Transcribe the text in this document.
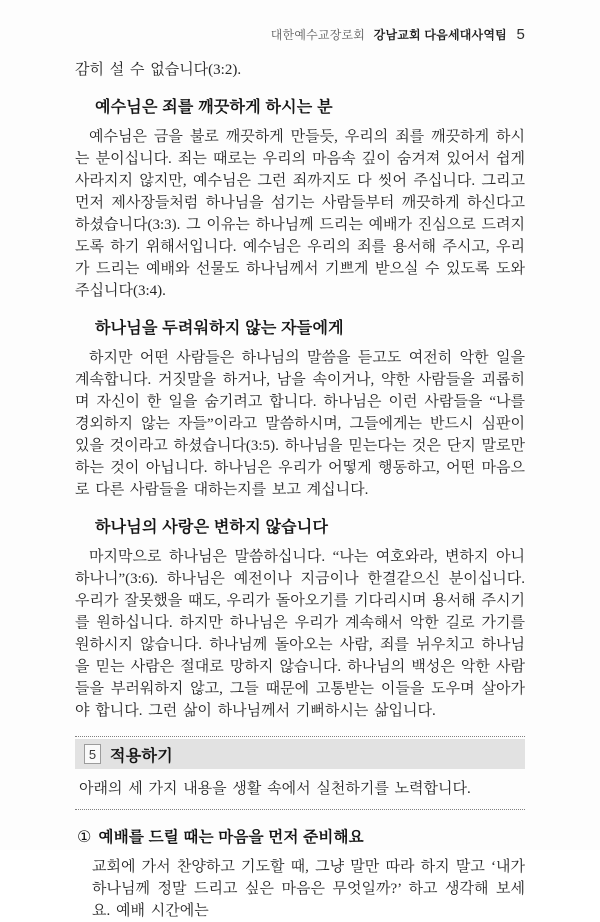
대한예수교장로회 강남교회 다음세대사역팀 5

감히 설 수 없습니다(3:2).

예수님은 죄를 깨끗하게 하시는 분

예수님은 금을 불로 깨끗하게 만들듯, 우리의 죄를 깨끗하게 하시는 분이십니다. 죄는 때로는 우리의 마음속 깊이 숨겨져 있어서 쉽게 사라지지 않지만, 예수님은 그런 죄까지도 다 씻어 주십니다. 그리고 먼저 제사장들처럼 하나님을 섬기는 사람들부터 깨끗하게 하신다고 하셨습니다(3:3). 그 이유는 하나님께 드리는 예배가 진심으로 드려지도록 하기 위해서입니다. 예수님은 우리의 죄를 용서해 주시고, 우리가 드리는 예배와 선물도 하나님께서 기쁘게 받으실 수 있도록 도와주십니다(3:4).

하나님을 두려워하지 않는 자들에게

하지만 어떤 사람들은 하나님의 말씀을 듣고도 여전히 악한 일을 계속합니다. 거짓말을 하거나, 남을 속이거나, 약한 사람들을 괴롭히며 자신이 한 일을 숨기려고 합니다. 하나님은 이런 사람들을 “나를 경외하지 않는 자들”이라고 말씀하시며, 그들에게는 반드시 심판이 있을 것이라고 하셨습니다(3:5). 하나님을 믿는다는 것은 단지 말로만 하는 것이 아닙니다. 하나님은 우리가 어떻게 행동하고, 어떤 마음으로 다른 사람들을 대하는지를 보고 계십니다.

하나님의 사랑은 변하지 않습니다

마지막으로 하나님은 말씀하십니다. “나는 여호와라, 변하지 아니하나니”(3:6). 하나님은 예전이나 지금이나 한결같으신 분이십니다. 우리가 잘못했을 때도, 우리가 돌아오기를 기다리시며 용서해 주시기를 원하십니다. 하지만 하나님은 우리가 계속해서 악한 길로 가기를 원하시지 않습니다. 하나님께 돌아오는 사람, 죄를 뉘우치고 하나님을 믿는 사람은 절대로 망하지 않습니다. 하나님의 백성은 악한 사람들을 부러워하지 않고, 그들 때문에 고통받는 이들을 도우며 살아가야 합니다. 그런 삶이 하나님께서 기뻐하시는 삶입니다.

5 적용하기

아래의 세 가지 내용을 생활 속에서 실천하기를 노력합니다.

① 예배를 드릴 때는 마음을 먼저 준비해요

교회에 가서 찬양하고 기도할 때, 그냥 말만 따라 하지 말고 ‘내가 하나님께 정말 드리고 싶은 마음은 무엇일까?’ 하고 생각해 보세요. 예배 시간에는
